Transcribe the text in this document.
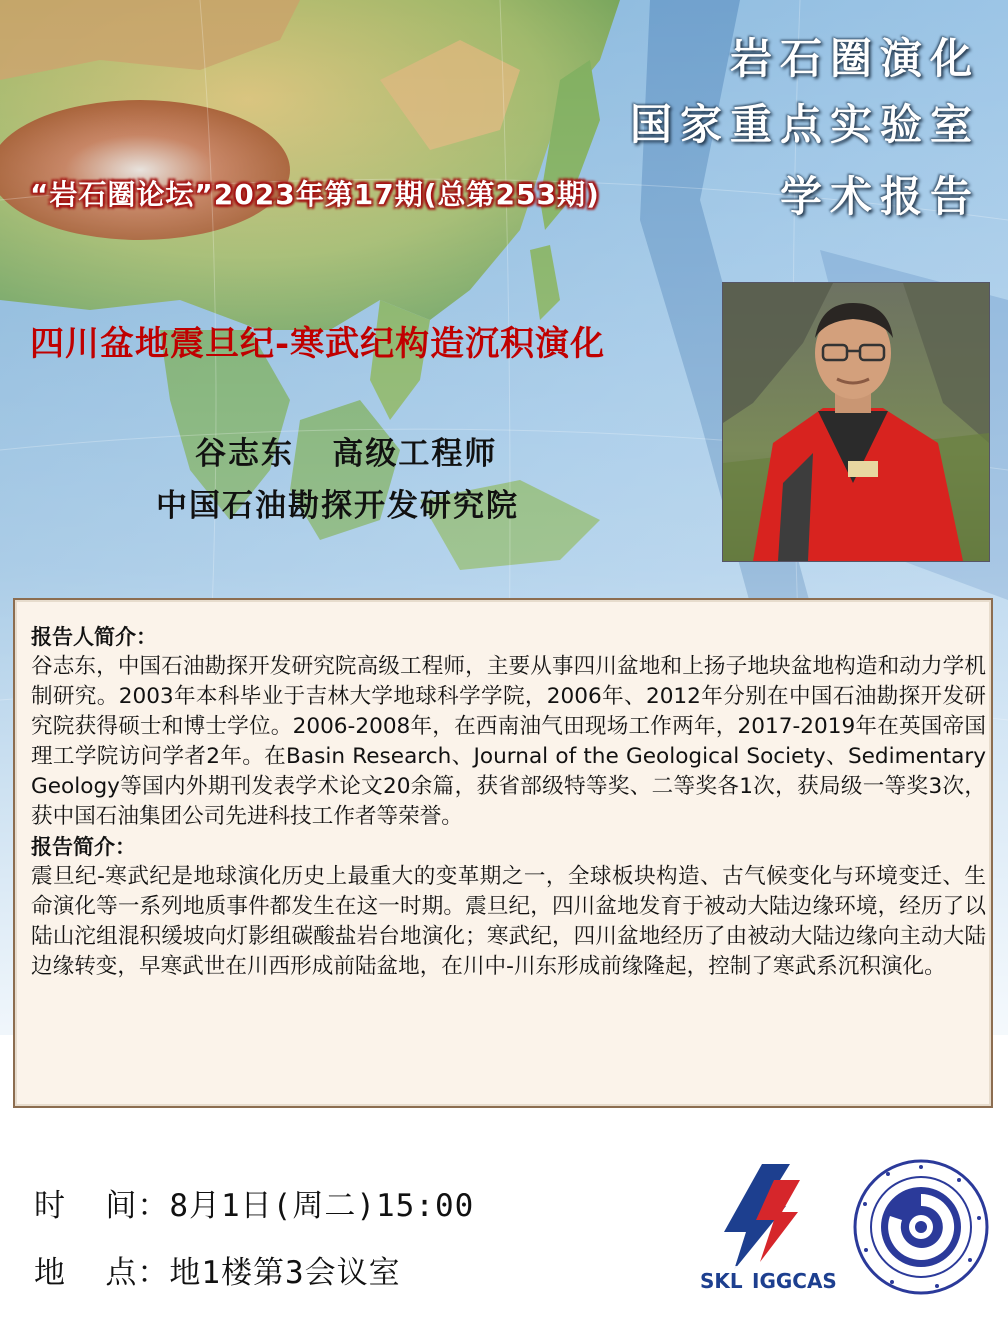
岩石圈演化
国家重点实验室
学术报告
“岩石圈论坛”2023年第17期(总第253期)
四川盆地震旦纪-寒武纪构造沉积演化
谷志东   高级工程师
中国石油勘探开发研究院
报告人简介：

谷志东，中国石油勘探开发研究院高级工程师，主要从事四川盆地和上扬子地块盆地构造和动力学机制研究。2003年本科毕业于吉林大学地球科学学院，2006年、2012年分别在中国石油勘探开发研究院获得硕士和博士学位。2006-2008年，在西南油气田现场工作两年，2017-2019年在英国帝国理工学院访问学者2年。在Basin Research、Journal of the Geological Society、Sedimentary Geology等国内外期刊发表学术论文20余篇，获省部级特等奖、二等奖各1次，获局级一等奖3次，获中国石油集团公司先进科技工作者等荣誉。

报告简介：

震旦纪-寒武纪是地球演化历史上最重大的变革期之一，全球板块构造、古气候变化与环境变迁、生命演化等一系列地质事件都发生在这一时期。震旦纪，四川盆地发育于被动大陆边缘环境，经历了以陆山沱组混积缓坡向灯影组碳酸盐岩台地演化；寒武纪，四川盆地经历了由被动大陆边缘向主动大陆边缘转变，早寒武世在川西形成前陆盆地，在川中-川东形成前缘隆起，控制了寒武系沉积演化。

时  间：8月1日(周二)15:00
地  点：地1楼第3会议室	SKL IGGCAS
